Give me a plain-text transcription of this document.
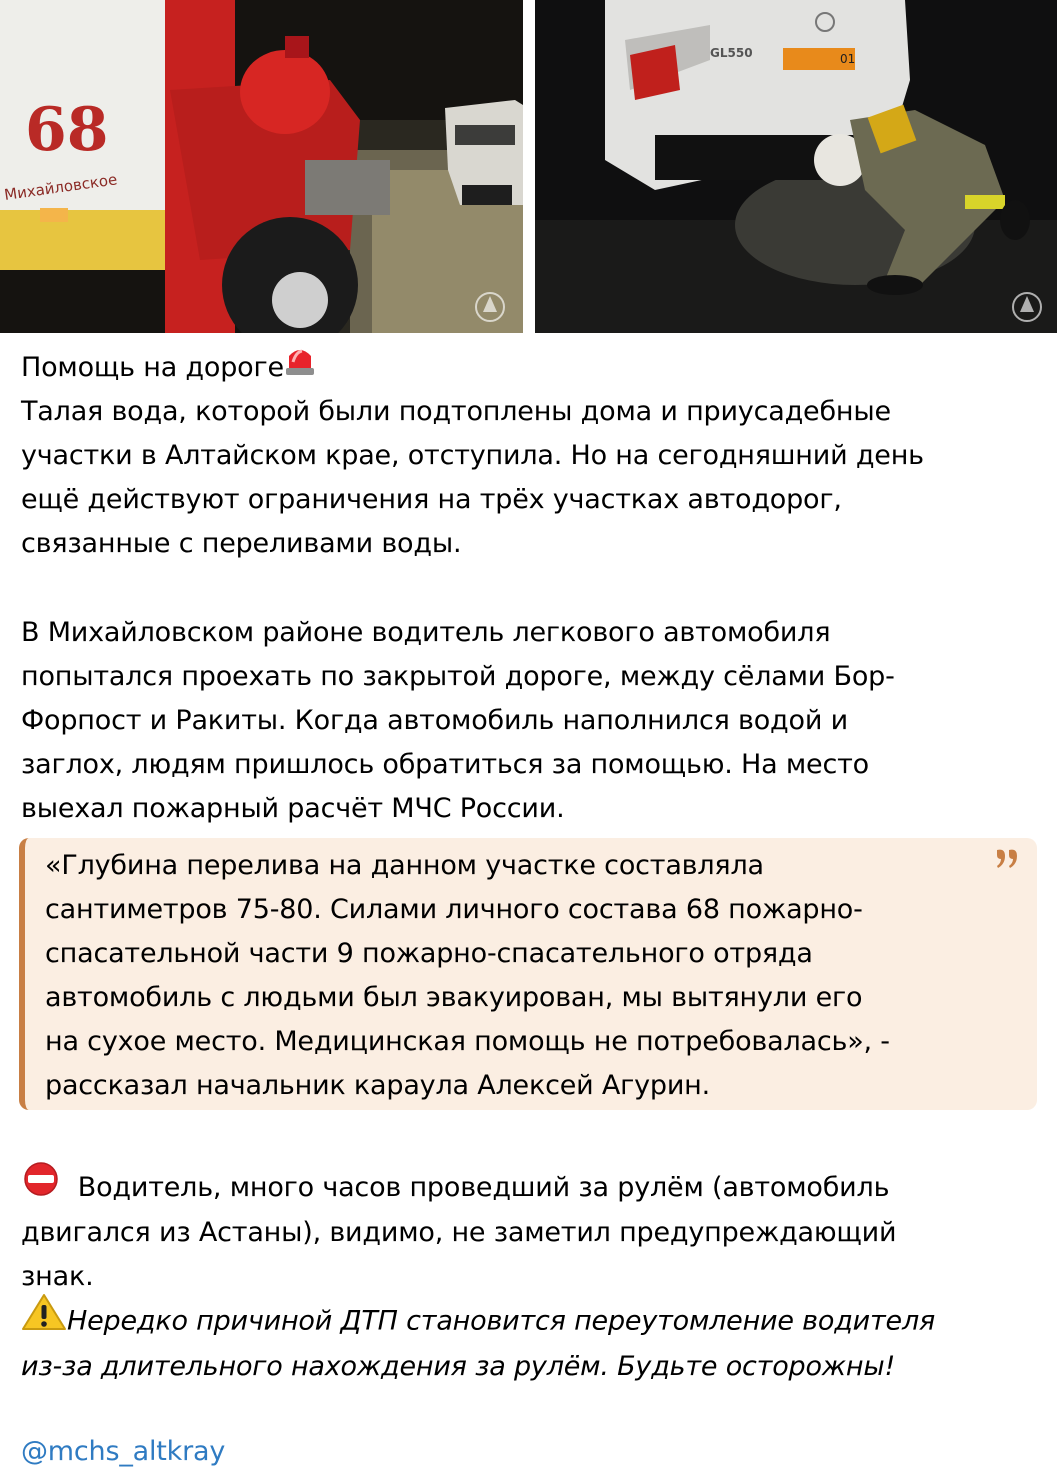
68
Михайловское
GL550	01
Помощь на дороге
Талая вода, которой были подтоплены дома и приусадебные
участки в Алтайском крае, отступила. Но на сегодняшний день
ещё действуют ограничения на трёх участках автодорог,
связанные с переливами воды.
В Михайловском районе водитель легкового автомобиля
попытался проехать по закрытой дороге, между сёлами Бор-
Форпост и Ракиты. Когда автомобиль наполнился водой и
заглох, людям пришлось обратиться за помощью. На место
выехал пожарный расчёт МЧС России.
«Глубина перелива на данном участке составляла
сантиметров 75-80. Силами личного состава 68 пожарно-
спасательной части 9 пожарно-спасательного отряда
автомобиль с людьми был эвакуирован, мы вытянули его
на сухое место. Медицинская помощь не потребовалась», -
рассказал начальник караула Алексей Агурин.
Водитель, много часов проведший за рулём (автомобиль
двигался из Астаны), видимо, не заметил предупреждающий
знак.
Нередко причиной ДТП становится переутомление водителя
из-за длительного нахождения за рулём. Будьте осторожны!
@mchs_altkray
